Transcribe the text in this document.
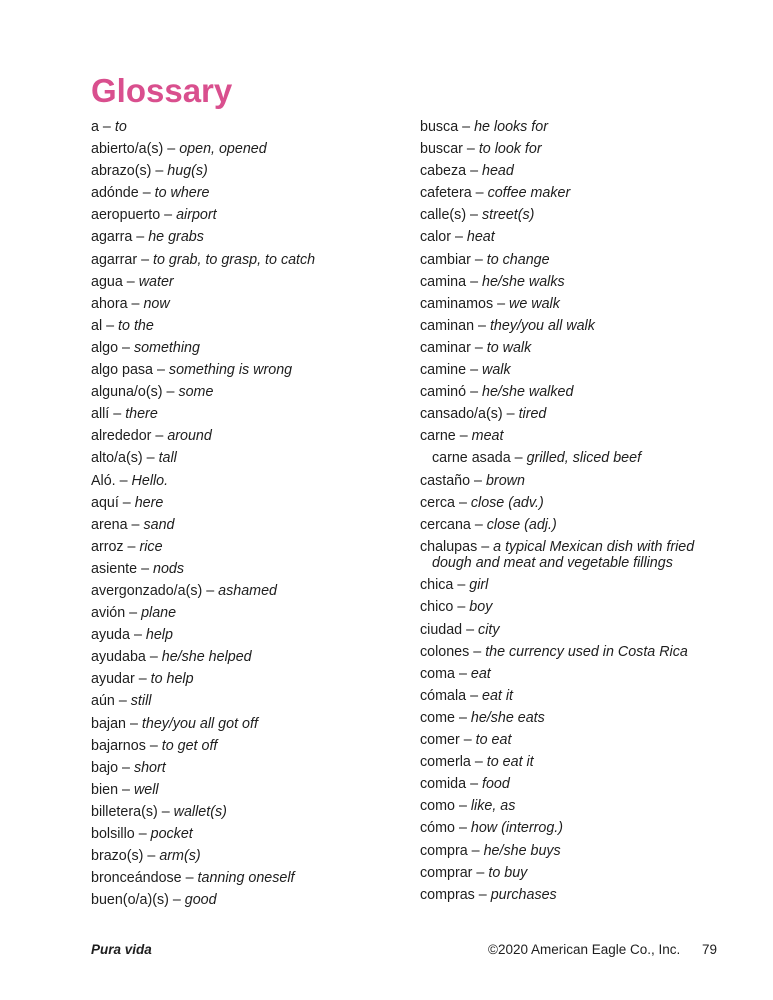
Glossary
a – to
abierto/a(s) – open, opened
abrazo(s) – hug(s)
adónde – to where
aeropuerto – airport
agarra – he grabs
agarrar – to grab, to grasp, to catch
agua – water
ahora – now
al – to the
algo – something
algo pasa – something is wrong
alguna/o(s) – some
allí – there
alrededor – around
alto/a(s) – tall
Aló. – Hello.
aquí – here
arena – sand
arroz – rice
asiente – nods
avergonzado/a(s) – ashamed
avión – plane
ayuda – help
ayudaba – he/she helped
ayudar – to help
aún – still
bajan – they/you all got off
bajarnos – to get off
bajo – short
bien – well
billetera(s) – wallet(s)
bolsillo – pocket
brazo(s) – arm(s)
bronceándose – tanning oneself
buen(o/a)(s) – good
busca – he looks for
buscar – to look for
cabeza – head
cafetera – coffee maker
calle(s) – street(s)
calor – heat
cambiar – to change
camina – he/she walks
caminamos – we walk
caminan – they/you all walk
caminar – to walk
camine – walk
caminó – he/she walked
cansado/a(s) – tired
carne – meat
carne asada – grilled, sliced beef
castaño – brown
cerca – close (adv.)
cercana – close (adj.)
chalupas – a typical Mexican dish with fried
dough and meat and vegetable fillings
chica – girl
chico – boy
ciudad – city
colones – the currency used in Costa Rica
coma – eat
cómala – eat it
come – he/she eats
comer – to eat
comerla – to eat it
comida – food
como – like, as
cómo – how (interrog.)
compra – he/she buys
comprar – to buy
compras – purchases
Pura vida	©2020 American Eagle Co., Inc. 79
